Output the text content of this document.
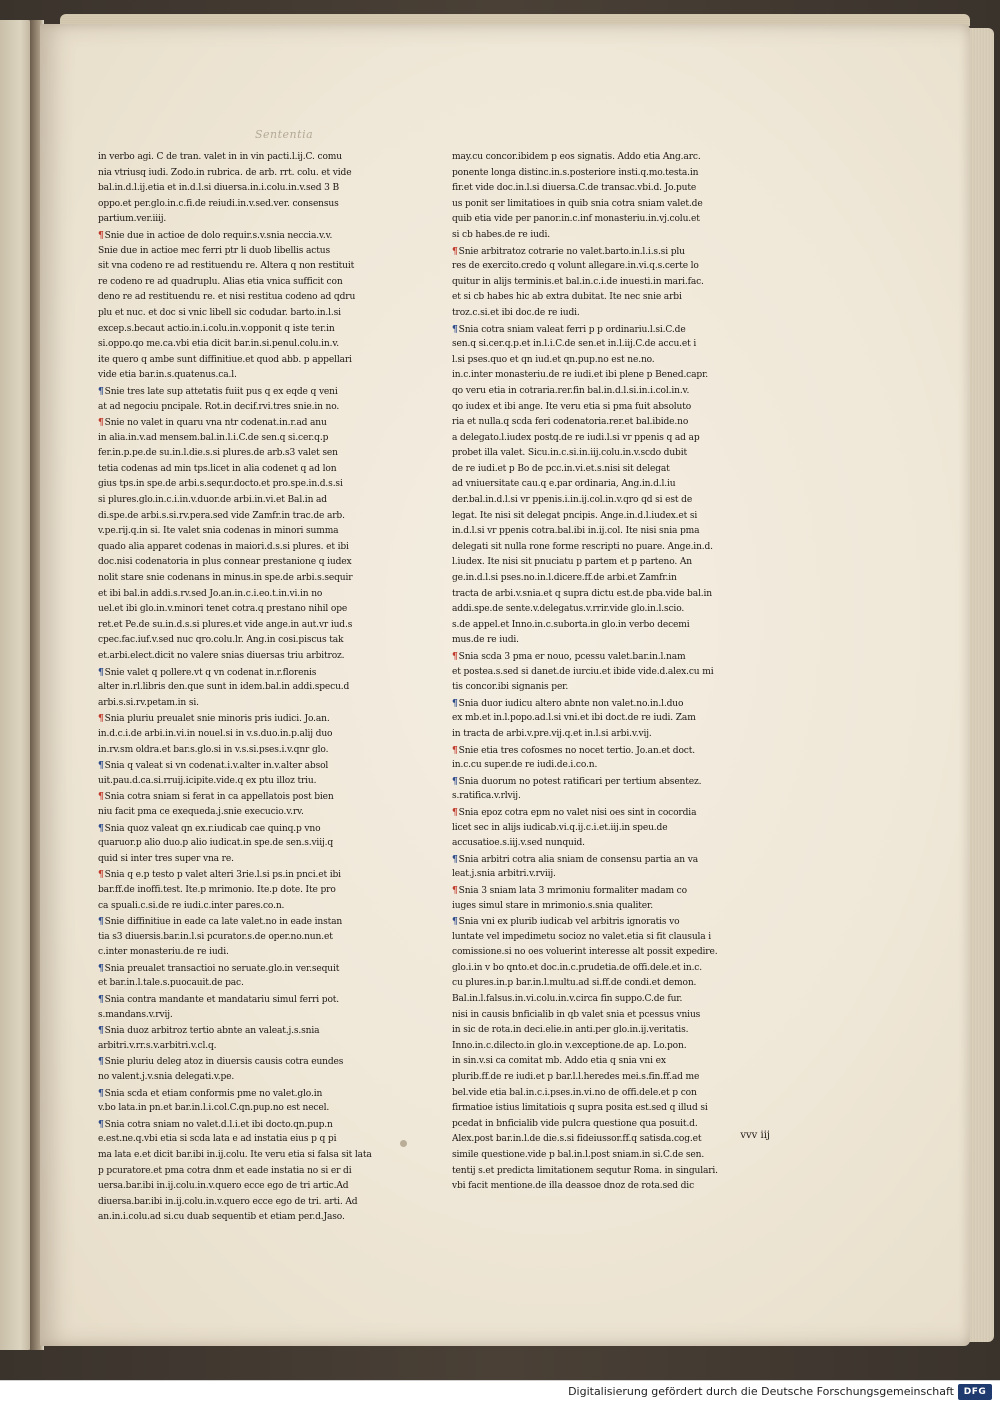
Sententia

in verbo agi. C de tran. valet in in vin pacti.l.ij.C. comu

nia vtriusq iudi. Zodo.in rubrica. de arb. rrt. colu. et vide

bal.in.d.l.ij.etia et in.d.l.si diuersa.in.i.colu.in.v.sed 3 B

oppo.et per.glo.in.c.fi.de reiudi.in.v.sed.ver. consensus

partium.ver.iiij.

¶Snie due in actioe de dolo requir.s.v.snia neccia.v.v.

Snie due in actioe mec ferri ptr li duob libellis actus

sit vna codeno re ad restituendu re. Altera q non restituit

re codeno re ad quadruplu. Alias etia vnica sufficit con

deno re ad restituendu re. et nisi restitua codeno ad qdru

plu et nuc. et doc si vnic libell sic codudar. barto.in.l.si

excep.s.becaut actio.in.i.colu.in.v.opponit q iste ter.in

si.oppo.qo me.ca.vbi etia dicit bar.in.si.penul.colu.in.v.

ite quero q ambe sunt diffinitiue.et quod abb. p appellari

vide etia bar.in.s.quatenus.ca.l.

¶Snie tres late sup attetatis fuiit pus q ex eqde q veni

at ad negociu pncipale. Rot.in decif.rvi.tres snie.in no.

¶Snie no valet in quaru vna ntr codenat.in.r.ad anu

in alia.in.v.ad mensem.bal.in.l.i.C.de sen.q si.cer.q.p

fer.in.p.pe.de su.in.l.die.s.si plures.de arb.s3 valet sen

tetia codenas ad min tps.licet in alia codenet q ad lon

gius tps.in spe.de arbi.s.sequr.docto.et pro.spe.in.d.s.si

si plures.glo.in.c.i.in.v.duor.de arbi.in.vi.et Bal.in ad

di.spe.de arbi.s.si.rv.pera.sed vide Zamfr.in trac.de arb.

v.pe.rij.q.in si. Ite valet snia codenas in minori summa

quado alia apparet codenas in maiori.d.s.si plures. et ibi

doc.nisi codenatoria in plus connear prestanione q iudex

nolit stare snie codenans in minus.in spe.de arbi.s.sequir

et ibi bal.in addi.s.rv.sed Jo.an.in.c.i.eo.t.in.vi.in no

uel.et ibi glo.in.v.minori tenet cotra.q prestano nihil ope

ret.et Pe.de su.in.d.s.si plures.et vide ange.in aut.vr iud.s

cpec.fac.iuf.v.sed nuc qro.colu.lr. Ang.in cosi.piscus tak

et.arbi.elect.dicit no valere snias diuersas triu arbitroz.

¶Snie valet q pollere.vt q vn codenat in.r.florenis

alter in.rl.libris den.que sunt in idem.bal.in addi.specu.d

arbi.s.si.rv.petam.in si.

¶Snia pluriu preualet snie minoris pris iudici. Jo.an.

in.d.c.i.de arbi.in.vi.in nouel.si in v.s.duo.in.p.alij duo

in.rv.sm oldra.et bar.s.glo.si in v.s.si.pses.i.v.qnr glo.

¶Snia q valeat si vn codenat.i.v.alter in.v.alter absol

uit.pau.d.ca.si.rruij.icipite.vide.q ex ptu illoz triu.

¶Snia cotra sniam si ferat in ca appellatois post bien

niu facit pma ce exequeda.j.snie execucio.v.rv.

¶Snia quoz valeat qn ex.r.iudicab cae quinq.p vno

quaruor.p alio duo.p alio iudicat.in spe.de sen.s.viij.q

quid si inter tres super vna re.

¶Snia q e.p testo p valet alteri 3rie.l.si ps.in pnci.et ibi

bar.ff.de inoffi.test. Ite.p mrimonio. Ite.p dote. Ite pro

ca spuali.c.si.de re iudi.c.inter pares.co.n.

¶Snie diffinitiue in eade ca late valet.no in eade instan

tia s3 diuersis.bar.in.l.si pcurator.s.de oper.no.nun.et

c.inter monasteriu.de re iudi.

¶Snia preualet transactioi no seruate.glo.in ver.sequit

et bar.in.l.tale.s.puocauit.de pac.

¶Snia contra mandante et mandatariu simul ferri pot.

s.mandans.v.rvij.

¶Snia duoz arbitroz tertio abnte an valeat.j.s.snia

arbitri.v.rr.s.v.arbitri.v.cl.q.

¶Snie pluriu deleg atoz in diuersis causis cotra eundes

no valent.j.v.snia delegati.v.pe.

¶Snia scda et etiam conformis pme no valet.glo.in

v.bo lata.in pn.et bar.in.l.i.col.C.qn.pup.no est necel.

¶Snia cotra sniam no valet.d.l.i.et ibi docto.qn.pup.n

e.est.ne.q.vbi etia si scda lata e ad instatia eius p q pi

ma lata e.et dicit bar.ibi in.ij.colu. Ite veru etia si falsa sit lata

p pcuratore.et pma cotra dnm et eade instatia no si er di

uersa.bar.ibi in.ij.colu.in.v.quero ecce ego de tri artic.Ad

diuersa.bar.ibi in.ij.colu.in.v.quero ecce ego de tri. arti. Ad

an.in.i.colu.ad si.cu duab sequentib et etiam per.d.Jaso.

may.cu concor.ibidem p eos signatis. Addo etia Ang.arc.

ponente longa distinc.in.s.posteriore insti.q.mo.testa.in

fir.et vide doc.in.l.si diuersa.C.de transac.vbi.d. Jo.pute

us ponit ser limitatioes in quib snia cotra sniam valet.de

quib etia vide per panor.in.c.inf monasteriu.in.vj.colu.et

si cb habes.de re iudi.

¶Snie arbitratoz cotrarie no valet.barto.in.l.i.s.si plu

res de exercito.credo q volunt allegare.in.vi.q.s.certe lo

quitur in alijs terminis.et bal.in.c.i.de inuesti.in mari.fac.

et si cb habes hic ab extra dubitat. Ite nec snie arbi

troz.c.si.et ibi doc.de re iudi.

¶Snia cotra sniam valeat ferri p p ordinariu.l.si.C.de

sen.q si.cer.q.p.et in.l.i.C.de sen.et in.l.iij.C.de accu.et i

l.si pses.quo et qn iud.et qn.pup.no est ne.no.

in.c.inter monasteriu.de re iudi.et ibi plene p Bened.capr.

qo veru etia in cotraria.rer.fin bal.in.d.l.si.in.i.col.in.v.

qo iudex et ibi ange. Ite veru etia si pma fuit absoluto

ria et nulla.q scda feri codenatoria.rer.et bal.ibide.no

a delegato.l.iudex postq.de re iudi.l.si vr ppenis q ad ap

probet illa valet. Sicu.in.c.si.in.iij.colu.in.v.scdo dubit

de re iudi.et p Bo de pcc.in.vi.et.s.nisi sit delegat

ad vniuersitate cau.q e.par ordinaria, Ang.in.d.l.iu

der.bal.in.d.l.si vr ppenis.i.in.ij.col.in.v.qro qd si est de

legat. Ite nisi sit delegat pncipis. Ange.in.d.l.iudex.et si

in.d.l.si vr ppenis cotra.bal.ibi in.ij.col. Ite nisi snia pma

delegati sit nulla rone forme rescripti no puare. Ange.in.d.

l.iudex. Ite nisi sit pnuciatu p partem et p parteno. An

ge.in.d.l.si pses.no.in.l.dicere.ff.de arbi.et Zamfr.in

tracta de arbi.v.snia.et q supra dictu est.de pba.vide bal.in

addi.spe.de sente.v.delegatus.v.rrir.vide glo.in.l.scio.

s.de appel.et Inno.in.c.suborta.in glo.in verbo decemi

mus.de re iudi.

¶Snia scda 3 pma er nouo, pcessu valet.bar.in.l.nam

et postea.s.sed si danet.de iurciu.et ibide vide.d.alex.cu mi

tis concor.ibi signanis per.

¶Snia duor iudicu altero abnte non valet.no.in.l.duo

ex mb.et in.l.popo.ad.l.si vni.et ibi doct.de re iudi. Zam

in tracta de arbi.v.pre.vij.q.et in.l.si arbi.v.vij.

¶Snie etia tres cofosmes no nocet tertio. Jo.an.et doct.

in.c.cu super.de re iudi.de.i.co.n.

¶Snia duorum no potest ratificari per tertium absentez.

s.ratifica.v.rlvij.

¶Snia epoz cotra epm no valet nisi oes sint in cocordia

licet sec in alijs iudicab.vi.q.ij.c.i.et.iij.in speu.de

accusatioe.s.iij.v.sed nunquid.

¶Snia arbitri cotra alia sniam de consensu partia an va

leat.j.snia arbitri.v.rviij.

¶Snia 3 sniam lata 3 mrimoniu formaliter madam co

iuges simul stare in mrimonio.s.snia qualiter.

¶Snia vni ex plurib iudicab vel arbitris ignoratis vo

luntate vel impedimetu socioz no valet.etia si fit clausula i

comissione.si no oes voluerint interesse alt possit expedire.

glo.i.in v bo qnto.et doc.in.c.prudetia.de offi.dele.et in.c.

cu plures.in.p bar.in.l.multu.ad si.ff.de condi.et demon.

Bal.in.l.falsus.in.vi.colu.in.v.circa fin suppo.C.de fur.

nisi in causis bnficialib in qb valet snia et pcessus vnius

in sic de rota.in deci.elie.in anti.per glo.in.ij.veritatis.

Inno.in.c.dilecto.in glo.in v.exceptione.de ap. Lo.pon.

in sin.v.si ca comitat mb. Addo etia q snia vni ex

plurib.ff.de re iudi.et p bar.l.l.heredes mei.s.fin.ff.ad me

bel.vide etia bal.in.c.i.pses.in.vi.no de offi.dele.et p con

firmatioe istius limitatiois q supra posita est.sed q illud si

pcedat in bnficialib vide pulcra questione qua posuit.d.

Alex.post bar.in.l.de die.s.si fideiussor.ff.q satisda.cog.et

simile questione.vide p bal.in.l.post sniam.in si.C.de sen.

tentij s.et predicta limitationem sequtur Roma. in singulari.

vbi facit mentione.de illa deassoe dnoz de rota.sed dic

vvv iij

Digitalisierung gefördert durch die Deutsche Forschungsgemeinschaft	DFG
